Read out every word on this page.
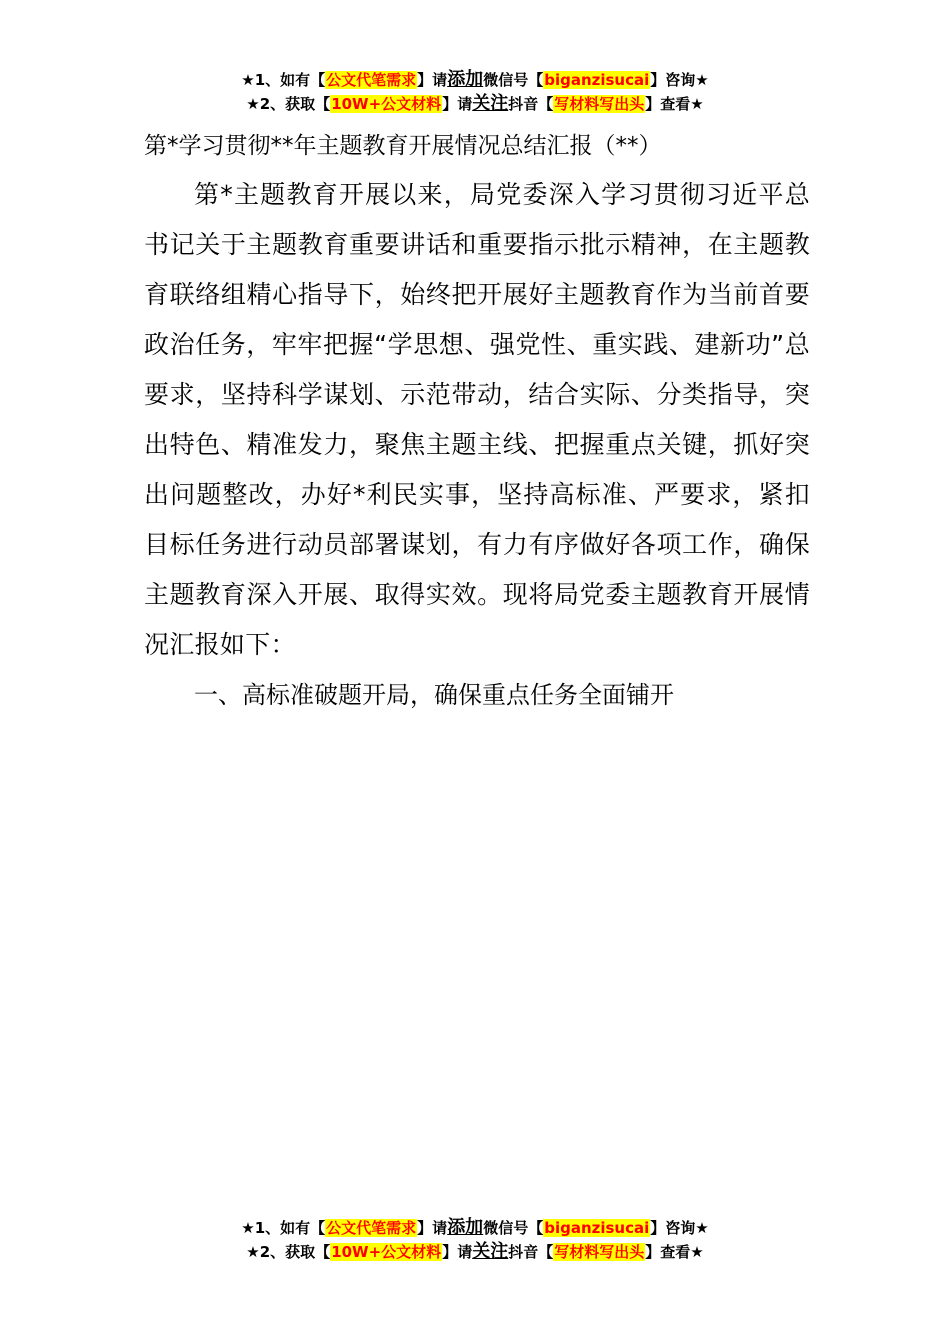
★1、如有【公文代笔需求】请添加微信号【biganzisucai】咨询★
★2、获取【10W+公文材料】请关注抖音【写材料写出头】查看★
第*学习贯彻**年主题教育开展情况总结汇报（**）

第*主题教育开展以来，局党委深入学习贯彻习近平总书记关于主题教育重要讲话和重要指示批示精神，在主题教育联络组精心指导下，始终把开展好主题教育作为当前首要政治任务，牢牢把握“学思想、强党性、重实践、建新功”总要求，坚持科学谋划、示范带动，结合实际、分类指导，突出特色、精准发力，聚焦主题主线、把握重点关键，抓好突出问题整改，办好*利民实事，坚持高标准、严要求，紧扣目标任务进行动员部署谋划，有力有序做好各项工作，确保主题教育深入开展、取得实效。现将局党委主题教育开展情况汇报如下：

一、高标准破题开局，确保重点任务全面铺开
★1、如有【公文代笔需求】请添加微信号【biganzisucai】咨询★
★2、获取【10W+公文材料】请关注抖音【写材料写出头】查看★
